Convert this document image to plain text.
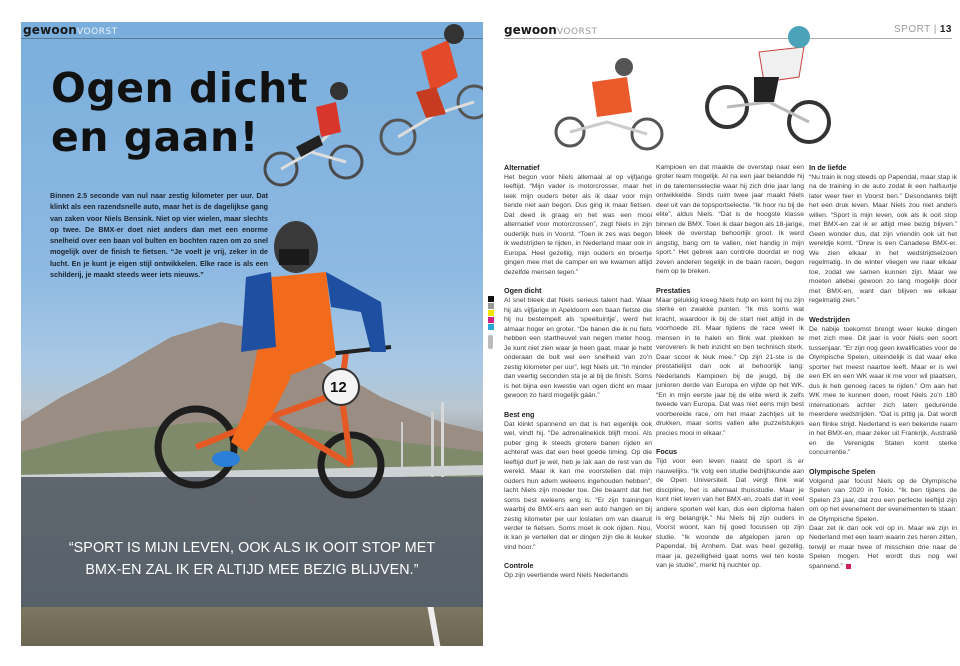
gewoonVOORST
Ogen dicht
en gaan!
Binnen 2.5 seconde van nul naar zestig kilometer per uur. Dat klinkt als een razendsnelle auto, maar het is de dagelijkse gang van zaken voor Niels Bensink. Niet op vier wielen, maar slechts op twee. De BMX-er doet niet anders dan met een enorme snelheid over een baan vol bulten en bochten razen om zo snel mogelijk over de finish te fietsen. “Je voelt je vrij, zeker in de lucht. En je kunt je eigen stijl ontwikkelen. Elke race is als een schilderij, je maakt steeds weer iets nieuws.”
12
“SPORT IS MIJN LEVEN, OOK ALS IK OOIT STOP MET
BMX-EN ZAL IK ER ALTIJD MEE BEZIG BLIJVEN.”
gewoonVOORST	SPORT | 13
Alternatief

Het begon voor Niels allemaal al op vijfjarige leeftijd. “Mijn vader is motorcrosser, maar het leek mijn ouders beter als ik daar voor mijn tiende niet aan begon. Dus ging ik maar fietsen. Dat deed ik graag en het was een mooi alternatief voor motorcrossen”, zegt Niels in zijn ouderlijk huis in Voorst. “Toen ik zes was begon ik wedstrijden te rijden, in Nederland maar ook in Europa. Heel gezellig, mijn ouders en broertje gingen mee met de camper en we kwamen altijd dezelfde mensen tegen.”

Ogen dicht

Al snel bleek dat Niels serieus talent had. Waar hij als vijfjarige in Apeldoorn een baan fietste die hij nu bestempelt als ‘speeltuintje’, werd het almaar hoger en groter. “De banen die ik nu fiets hebben een startheuvel van negen meter hoog. Je kunt niet zien waar je heen gaat, maar je hebt onderaan de bult wel een snelheid van zo’n zestig kilometer per uur”, legt Niels uit. “In minder dan veertig seconden sta je al bij de finish. Soms is het bijna een kwestie van ogen dicht en maar gewoon zo hard mogelijk gáán.”

Best eng

Dat klinkt spannend en dat is het eigenlijk ook wel, vindt hij. “De adrenalinekick blijft mooi. Als puber ging ik steeds grotere banen rijden en achteraf was dat een heel goede timing. Op die leeftijd durf je wel, heb je lak aan de rest van de wereld. Maar ik kan me voorstellen dat mijn ouders hun adem weleens ingehouden hebben”, lacht Niels zijn moeder toe. Die beaamt dat het soms best weleens eng is. “Er zijn trainingen waarbij de BMX-ers aan een auto hangen en bij zestig kilometer per uur loslaten om van daaruit verder te fietsen. Soms moet ik ook rijden. Nou, ik kan je vertellen dat er dingen zijn die ik leuker vind hoor.”

Controle

Op zijn veertiende werd Niels Nederlands

Kampioen en dat maakte de overstap naar een groter team mogelijk. Al na een jaar belandde hij in de talentenselectie waar hij zich drie jaar lang ontwikkelde. Sinds ruim twee jaar maakt Niels deel uit van de topsportselectie. “Ik hoor nu bij de elite”, aldus Niels. “Dat is de hoogste klasse binnen de BMX. Toen ik daar begon als 18-jarige, bleek de overstap behoorlijk groot. Ik werd angstig, bang om te vallen, niet handig in mijn sport.” Het gebrek aan controle doordat er nog zeven anderen tegelijk in de baan racen, begon hem op te breken.

Prestaties

Maar gelukkig kreeg Niels hulp en kent hij nu zijn sterke en zwakke punten. “Ik mis soms wat kracht, waardoor ik bij de start niet altijd in de voorhoede zit. Maar tijdens de race weet ik mensen in te halen en flink wat plekken te veroveren. Ik heb inzicht en ben technisch sterk. Daar scoor ik leuk mee.” Op zijn 21-ste is de prestatielijst dan ook al behoorlijk lang: Nederlands Kampioen bij de jeugd, bij de junioren derde van Europa en vijfde op het WK. “En in mijn eerste jaar bij de elite werd ik zelfs tweede van Europa. Dat was niet eens mijn best voorbereide race, om het maar zachtjes uit te drukken, maar soms vallen alle puzzelstukjes precies mooi in elkaar.”

Focus

Tijd voor een leven naast de sport is er nauwelijks. “Ik volg een studie bedrijfskunde aan de Open Universiteit. Dat vergt flink wat discipline, het is allemaal thuisstudie. Maar je kunt niet leven van het BMX-en, zoals dat in veel andere sporten wel kan, dus een diploma halen is erg belangrijk.” Nu Niels bij zijn ouders in Voorst woont, kan hij goed focussen op zijn studie. “Ik woonde de afgelopen jaren op Papendal, bij Arnhem. Dat was heel gezellig, maar ja, gezelligheid gaat soms wel ten koste van je studie”, merkt hij nuchter op.

In de liefde

“Nu train ik nog steeds op Papendal, maar stap ik na de training in de auto zodat ik een halfuurtje later weer hier in Voorst ben.” Desondanks blijft het een druk leven. Maar Niels zou niet anders willen. “Sport is mijn leven, ook als ik ooit stop met BMX-en zal ik er altijd mee bezig blijven.” Geen wonder dus, dat zijn vriendin ook uit het wereldje komt. “Drew is een Canadese BMX-er. We zien elkaar in het wedstrijdseizoen regelmatig. In de winter vliegen we naar elkaar toe, zodat we samen kunnen zijn. Maar we moeten allebei gewoon zo lang mogelijk door met BMX-en, want dan blijven we elkaar regelmatig zien.”

Wedstrijden

De nabije toekomst brengt weer leuke dingen met zich mee. Dit jaar is voor Niels een soort tussenjaar. “Er zijn nog geen kwalificaties voor de Olympische Spelen, uiteindelijk is dat waar elke sporter het meest naartoe leeft. Maar er is wel een EK en een WK waar ik me voor wil plaatsen, dus ik heb genoeg races te rijden.” Om aan het WK mee te kunnen doen, moet Niels zo’n 180 internationals achter zich laten gedurende meerdere wedstrijden. “Dat is pittig ja. Dat wordt een flinke strijd. Nederland is een bekende naam in het BMX-en, maar zeker uit Frankrijk, Australië en de Verenigde Staten komt sterke concurrentie.”

Olympische Spelen

Volgend jaar focust Niels op de Olympische Spelen van 2020 in Tokio. “Ik ben tijdens de Spelen 23 jaar, dat zou een perfecte leeftijd zijn om op het evenement der evenementen te staan: de Olympische Spelen.

Daar zet ik dan ook vol op in. Maar we zijn in Nederland met een team waarin zes heren zitten, terwijl er maar twee of misschien drie naar de Spelen mogen. Het wordt dus nog wel spannend.”
